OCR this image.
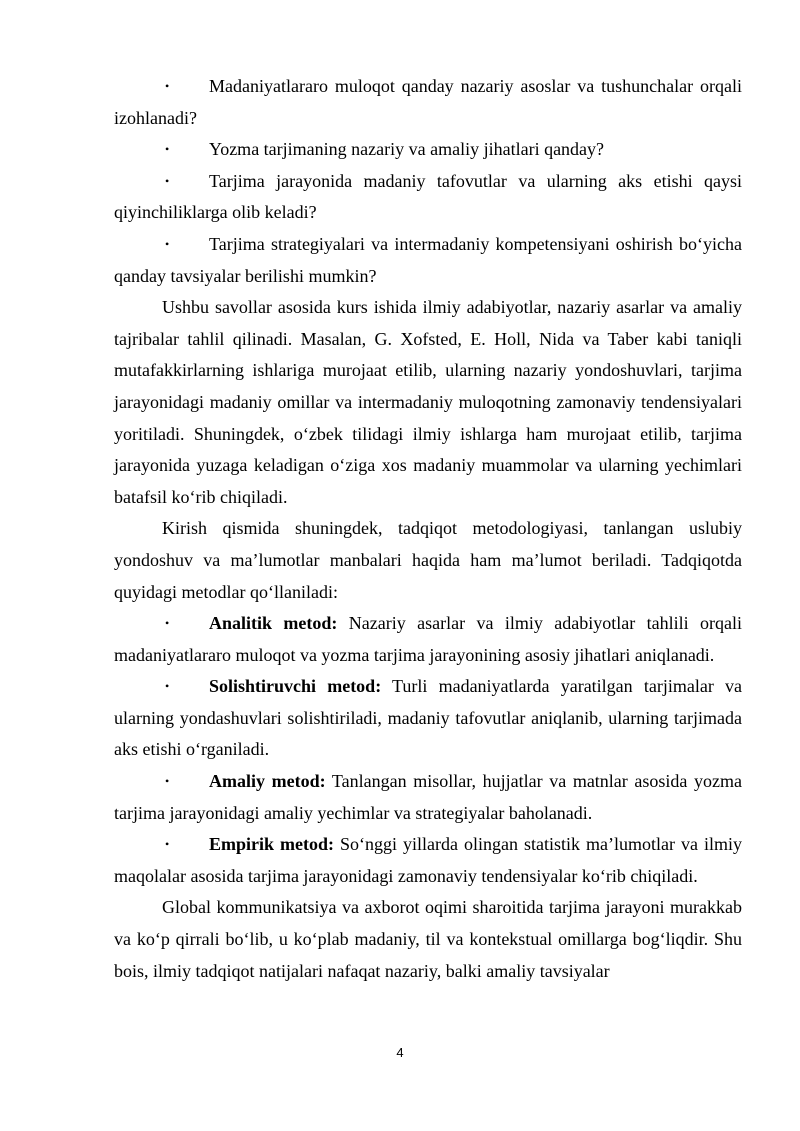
• Madaniyatlararo muloqot qanday nazariy asoslar va tushunchalar orqali izohlanadi?

• Yozma tarjimaning nazariy va amaliy jihatlari qanday?

• Tarjima jarayonida madaniy tafovutlar va ularning aks etishi qaysi qiyinchiliklarga olib keladi?

• Tarjima strategiyalari va intermadaniy kompetensiyani oshirish bo‘yicha qanday tavsiyalar berilishi mumkin?

Ushbu savollar asosida kurs ishida ilmiy adabiyotlar, nazariy asarlar va amaliy tajribalar tahlil qilinadi. Masalan, G. Xofsted, E. Holl, Nida va Taber kabi taniqli mutafakkirlarning ishlariga murojaat etilib, ularning nazariy yondoshuvlari, tarjima jarayonidagi madaniy omillar va intermadaniy muloqotning zamonaviy tendensiyalari yoritiladi. Shuningdek, o‘zbek tilidagi ilmiy ishlarga ham murojaat etilib, tarjima jarayonida yuzaga keladigan o‘ziga xos madaniy muammolar va ularning yechimlari batafsil ko‘rib chiqiladi.

Kirish qismida shuningdek, tadqiqot metodologiyasi, tanlangan uslubiy yondoshuv va ma’lumotlar manbalari haqida ham ma’lumot beriladi. Tadqiqotda quyidagi metodlar qo‘llaniladi:

• Analitik metod: Nazariy asarlar va ilmiy adabiyotlar tahlili orqali madaniyatlararo muloqot va yozma tarjima jarayonining asosiy jihatlari aniqlanadi.

• Solishtiruvchi metod: Turli madaniyatlarda yaratilgan tarjimalar va ularning yondashuvlari solishtiriladi, madaniy tafovutlar aniqlanib, ularning tarjimada aks etishi o‘rganiladi.

• Amaliy metod: Tanlangan misollar, hujjatlar va matnlar asosida yozma tarjima jarayonidagi amaliy yechimlar va strategiyalar baholanadi.

• Empirik metod: So‘nggi yillarda olingan statistik ma’lumotlar va ilmiy maqolalar asosida tarjima jarayonidagi zamonaviy tendensiyalar ko‘rib chiqiladi.

Global kommunikatsiya va axborot oqimi sharoitida tarjima jarayoni murakkab va ko‘p qirrali bo‘lib, u ko‘plab madaniy, til va kontekstual omillarga bog‘liqdir. Shu bois, ilmiy tadqiqot natijalari nafaqat nazariy, balki amaliy tavsiyalar

4
